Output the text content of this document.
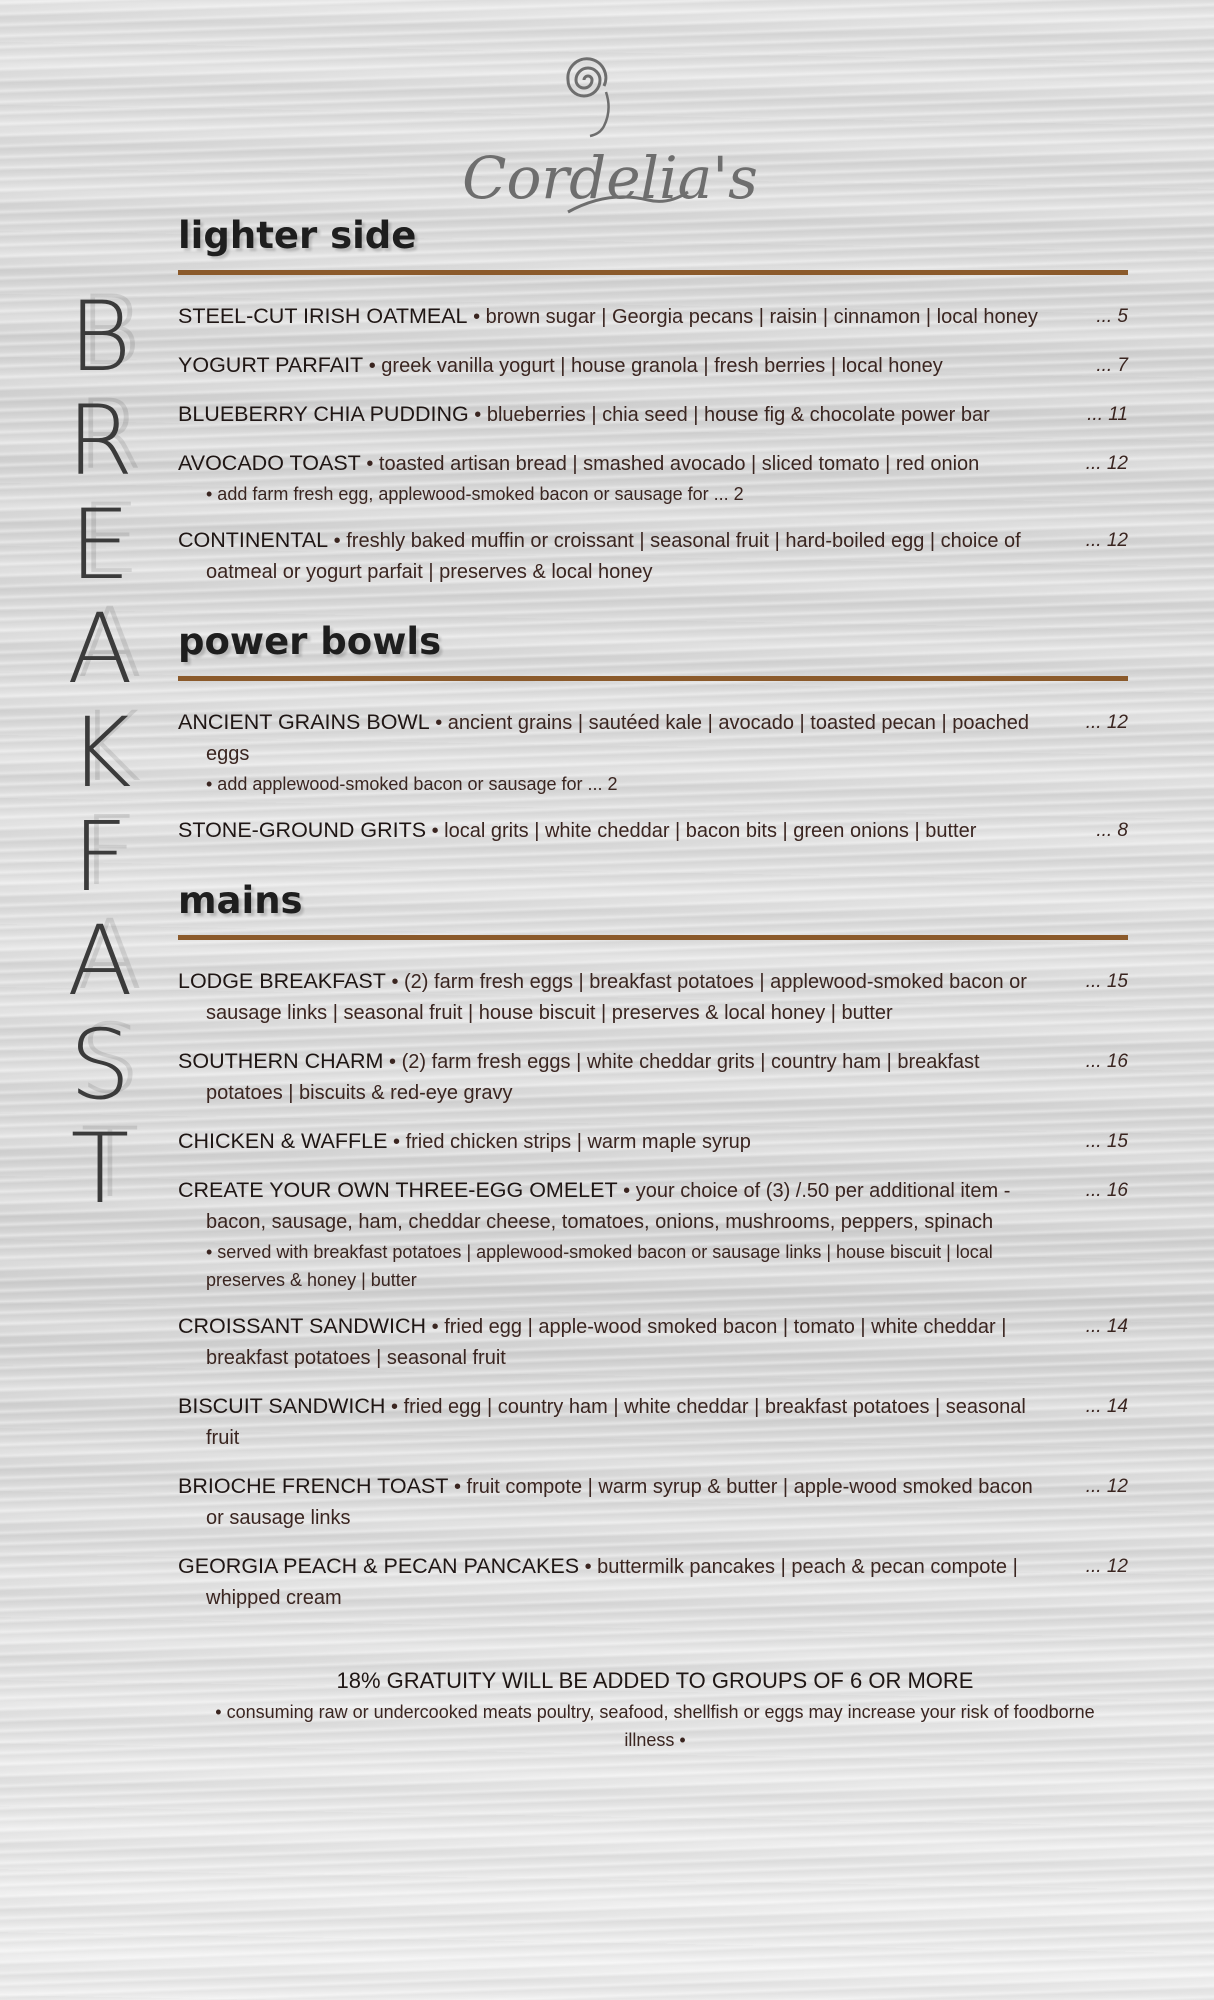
Cordelia's
B
R
E
A
K
F
A
S
T
lighter side
STEEL-CUT IRISH OATMEAL • brown sugar | Georgia pecans | raisin | cinnamon | local honey	... 5
YOGURT PARFAIT • greek vanilla yogurt | house granola | fresh berries | local honey	... 7
BLUEBERRY CHIA PUDDING • blueberries | chia seed | house fig & chocolate power bar	... 11
AVOCADO TOAST • toasted artisan bread | smashed avocado | sliced tomato | red onion
• add farm fresh egg, applewood-smoked bacon or sausage for ... 2
... 12
CONTINENTAL • freshly baked muffin or croissant | seasonal fruit | hard-boiled egg | choice of
oatmeal or yogurt parfait | preserves & local honey
... 12
power bowls
ANCIENT GRAINS BOWL • ancient grains | sautéed kale | avocado | toasted pecan | poached
eggs
• add applewood-smoked bacon or sausage for ... 2
... 12
STONE-GROUND GRITS • local grits | white cheddar | bacon bits | green onions | butter	... 8
mains
LODGE BREAKFAST • (2) farm fresh eggs | breakfast potatoes | applewood-smoked bacon or
sausage links | seasonal fruit | house biscuit | preserves & local honey | butter
... 15
SOUTHERN CHARM • (2) farm fresh eggs | white cheddar grits | country ham | breakfast
potatoes | biscuits & red-eye gravy
... 16
CHICKEN & WAFFLE • fried chicken strips | warm maple syrup	... 15
CREATE YOUR OWN THREE-EGG OMELET • your choice of (3) /.50 per additional item -
bacon, sausage, ham, cheddar cheese, tomatoes, onions, mushrooms, peppers, spinach
• served with breakfast potatoes | applewood-smoked bacon or sausage links | house biscuit | local preserves & honey | butter
... 16
CROISSANT SANDWICH • fried egg | apple-wood smoked bacon | tomato | white cheddar |
breakfast potatoes | seasonal fruit
... 14
BISCUIT SANDWICH • fried egg | country ham | white cheddar | breakfast potatoes | seasonal
fruit
... 14
BRIOCHE FRENCH TOAST • fruit compote | warm syrup & butter | apple-wood smoked bacon
or sausage links
... 12
GEORGIA PEACH & PECAN PANCAKES • buttermilk pancakes | peach & pecan compote |
whipped cream
... 12
18% GRATUITY WILL BE ADDED TO GROUPS OF 6 OR MORE
• consuming raw or undercooked meats poultry, seafood, shellfish or eggs may increase your risk of foodborne illness •
